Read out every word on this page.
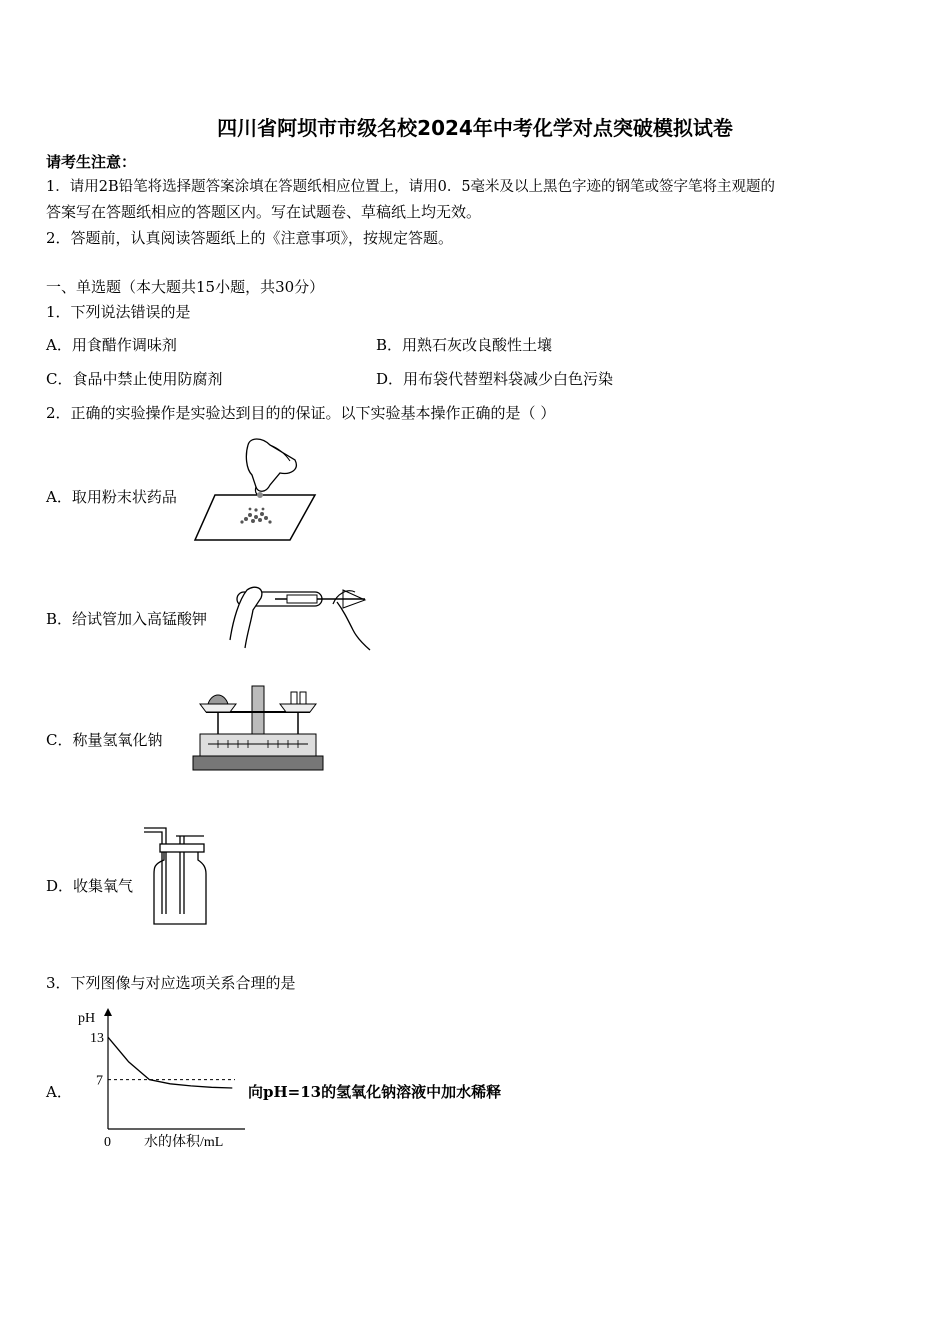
四川省阿坝市市级名校2024年中考化学对点突破模拟试卷
请考生注意：
1．请用2B铅笔将选择题答案涂填在答题纸相应位置上，请用0．5毫米及以上黑色字迹的钢笔或签字笔将主观题的
答案写在答题纸相应的答题区内。写在试题卷、草稿纸上均无效。
2．答题前，认真阅读答题纸上的《注意事项》，按规定答题。
一、单选题（本大题共15小题，共30分）
1．下列说法错误的是
A．用食醋作调味剂	B．用熟石灰改良酸性土壤
C．食品中禁止使用防腐剂	D．用布袋代替塑料袋减少白色污染
2．正确的实验操作是实验达到目的的保证。以下实验基本操作正确的是（ ）
A．取用粉末状药品
B．给试管加入高锰酸钾
C．称量氢氧化钠
D．收集氧气
3．下列图像与对应选项关系合理的是
A．
pH
0 水的体积/mL
13
7
向pH=13的氢氧化钠溶液中加水稀释
